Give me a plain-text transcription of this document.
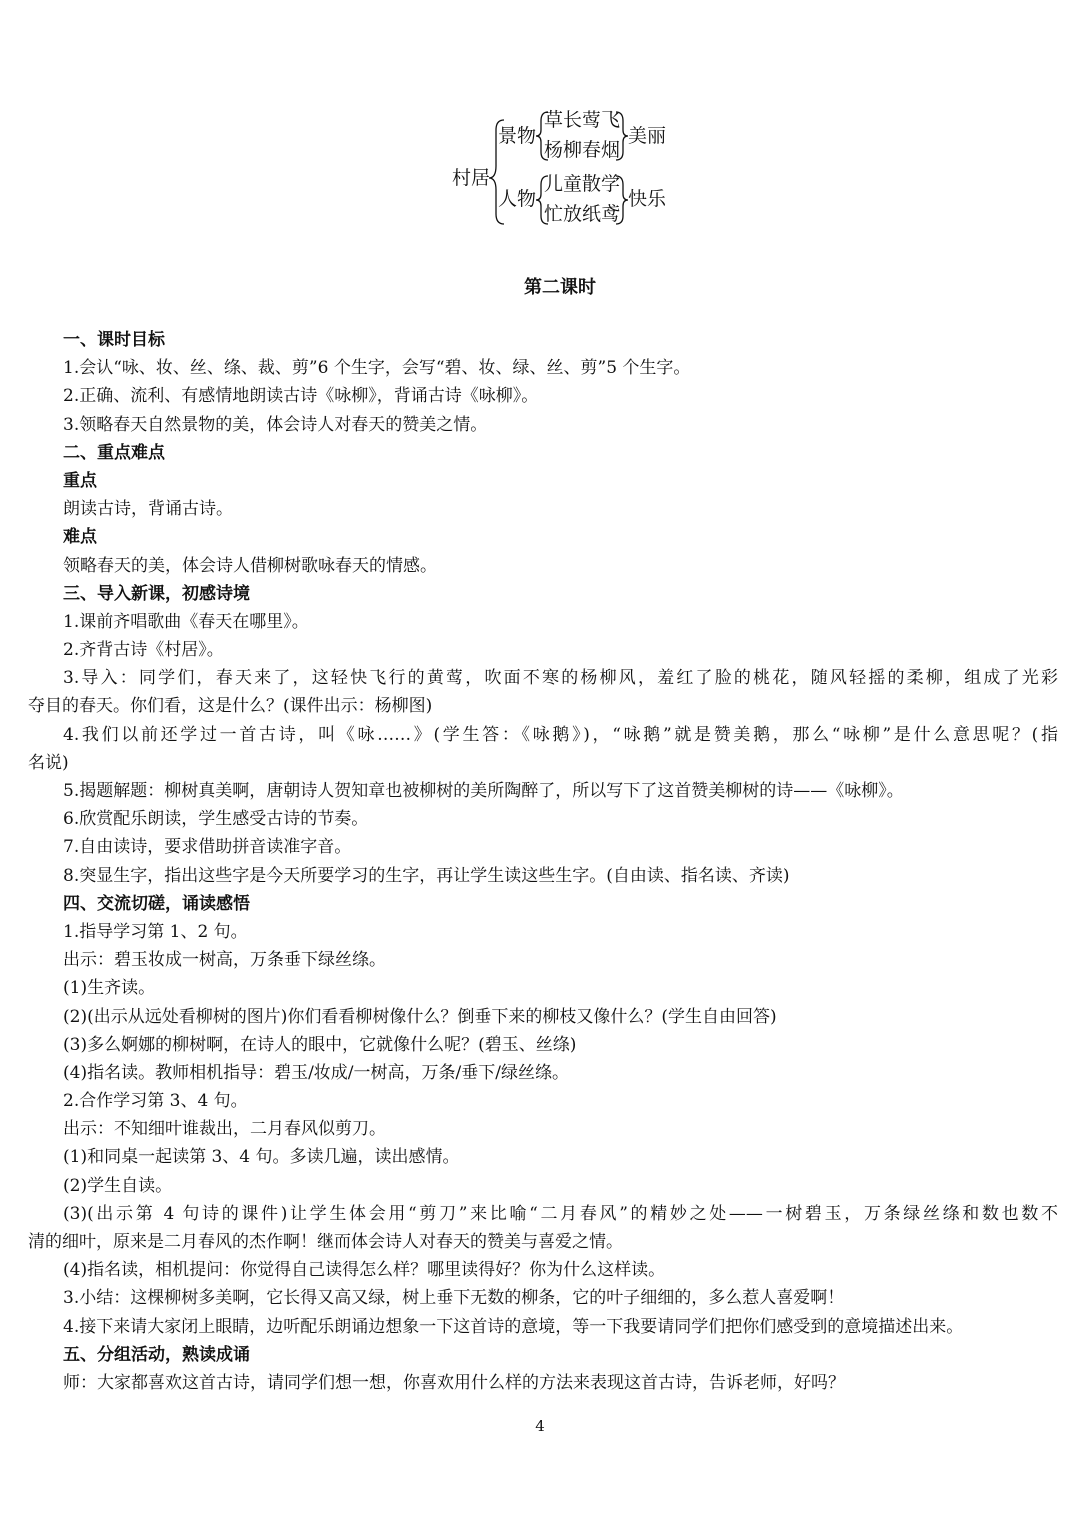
村居
景物
草长莺飞
杨柳春烟
美丽
人物
儿童散学
忙放纸鸢
快乐
第二课时
一、课时目标
1.会认“咏、妆、丝、绦、裁、剪”6 个生字，会写“碧、妆、绿、丝、剪”5 个生字。
2.正确、流利、有感情地朗读古诗《咏柳》，背诵古诗《咏柳》。
3.领略春天自然景物的美，体会诗人对春天的赞美之情。
二、重点难点
重点
朗读古诗，背诵古诗。
难点
领略春天的美，体会诗人借柳树歌咏春天的情感。
三、导入新课，初感诗境
1.课前齐唱歌曲《春天在哪里》。
2.齐背古诗《村居》。
3.导入：同学们，春天来了，这轻快飞行的黄莺，吹面不寒的杨柳风，羞红了脸的桃花，随风轻摇的柔柳，组成了光彩
夺目的春天。你们看，这是什么？(课件出示：杨柳图)
4.我们以前还学过一首古诗，叫《咏……》(学生答：《咏鹅》)，“咏鹅”就是赞美鹅，那么“咏柳”是什么意思呢？(指
名说)
5.揭题解题：柳树真美啊，唐朝诗人贺知章也被柳树的美所陶醉了，所以写下了这首赞美柳树的诗——《咏柳》。
6.欣赏配乐朗读，学生感受古诗的节奏。
7.自由读诗，要求借助拼音读准字音。
8.突显生字，指出这些字是今天所要学习的生字，再让学生读这些生字。(自由读、指名读、齐读)
四、交流切磋，诵读感悟
1.指导学习第 1、2 句。
出示：碧玉妆成一树高，万条垂下绿丝绦。
(1)生齐读。
(2)(出示从远处看柳树的图片)你们看看柳树像什么？倒垂下来的柳枝又像什么？(学生自由回答)
(3)多么婀娜的柳树啊，在诗人的眼中，它就像什么呢？(碧玉、丝绦)
(4)指名读。教师相机指导：碧玉/妆成/一树高，万条/垂下/绿丝绦。
2.合作学习第 3、4 句。
出示：不知细叶谁裁出，二月春风似剪刀。
(1)和同桌一起读第 3、4 句。多读几遍，读出感情。
(2)学生自读。
(3)(出示第 4 句诗的课件)让学生体会用“剪刀”来比喻“二月春风”的精妙之处——一树碧玉，万条绿丝绦和数也数不
清的细叶，原来是二月春风的杰作啊！继而体会诗人对春天的赞美与喜爱之情。
(4)指名读，相机提问：你觉得自己读得怎么样？哪里读得好？你为什么这样读。
3.小结：这棵柳树多美啊，它长得又高又绿，树上垂下无数的柳条，它的叶子细细的，多么惹人喜爱啊！
4.接下来请大家闭上眼睛，边听配乐朗诵边想象一下这首诗的意境，等一下我要请同学们把你们感受到的意境描述出来。
五、分组活动，熟读成诵
师：大家都喜欢这首古诗，请同学们想一想，你喜欢用什么样的方法来表现这首古诗，告诉老师，好吗？
4
